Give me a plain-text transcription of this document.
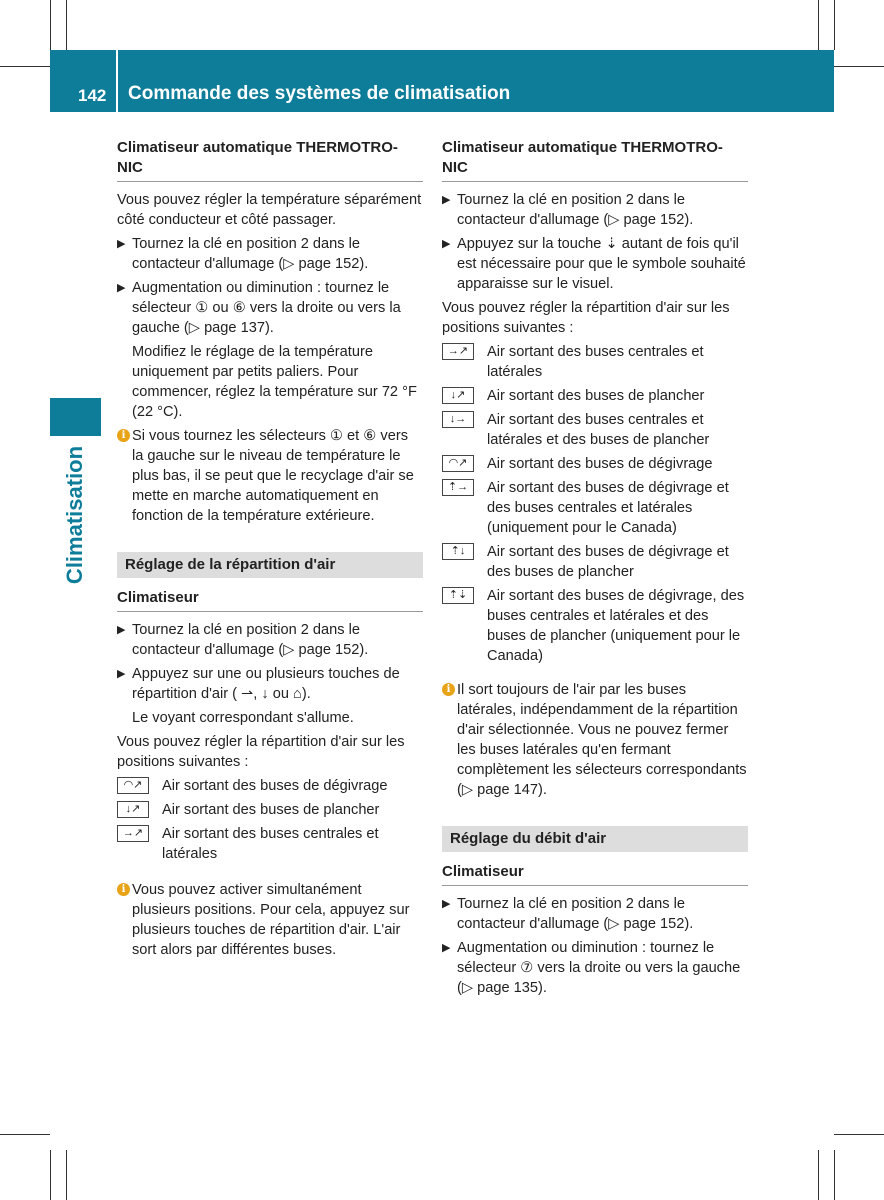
142 Commande des systèmes de climatisation
Climatisation
Climatiseur automatique THERMOTRO-NIC

Vous pouvez régler la température séparément côté conducteur et côté passager.

▶ Tournez la clé en position 2 dans le contacteur d'allumage (▷ page 152).
▶ Augmentation ou diminution : tournez le sélecteur ① ou ⑥ vers la droite ou vers la gauche (▷ page 137).
Modifiez le réglage de la température uniquement par petits paliers. Pour commencer, réglez la température sur 72 °F (22 °C).
i Si vous tournez les sélecteurs ① et ⑥ vers la gauche sur le niveau de température le plus bas, il se peut que le recyclage d'air se mette en marche automatiquement en fonction de la température extérieure.
Réglage de la répartition d'air
Climatiseur
▶ Tournez la clé en position 2 dans le contacteur d'allumage (▷ page 152).
▶ Appuyez sur une ou plusieurs touches de répartition d'air ( ⇀, ↓ ou ⌂).
Le voyant correspondant s'allume.

Vous pouvez régler la répartition d'air sur les positions suivantes :

◠↗	Air sortant des buses de dégivrage
↓↗	Air sortant des buses de plancher
→↗	Air sortant des buses centrales et latérales
i Vous pouvez activer simultanément plusieurs positions. Pour cela, appuyez sur plusieurs touches de répartition d'air. L'air sort alors par différentes buses.
Climatiseur automatique THERMOTRO-NIC
▶ Tournez la clé en position 2 dans le contacteur d'allumage (▷ page 152).
▶ Appuyez sur la touche ⇣ autant de fois qu'il est nécessaire pour que le symbole souhaité apparaisse sur le visuel.

Vous pouvez régler la répartition d'air sur les positions suivantes :

→↗	Air sortant des buses centrales et latérales
↓↗	Air sortant des buses de plancher
↓→	Air sortant des buses centrales et latérales et des buses de plancher
◠↗	Air sortant des buses de dégivrage
⇡→	Air sortant des buses de dégivrage et des buses centrales et latérales (uniquement pour le Canada)
⇡↓	Air sortant des buses de dégivrage et des buses de plancher
⇡⇣	Air sortant des buses de dégivrage, des buses centrales et latérales et des buses de plancher (uniquement pour le Canada)
i Il sort toujours de l'air par les buses latérales, indépendamment de la répartition d'air sélectionnée. Vous ne pouvez fermer les buses latérales qu'en fermant complètement les sélecteurs correspondants (▷ page 147).
Réglage du débit d'air
Climatiseur
▶ Tournez la clé en position 2 dans le contacteur d'allumage (▷ page 152).
▶ Augmentation ou diminution : tournez le sélecteur ⑦ vers la droite ou vers la gauche (▷ page 135).
